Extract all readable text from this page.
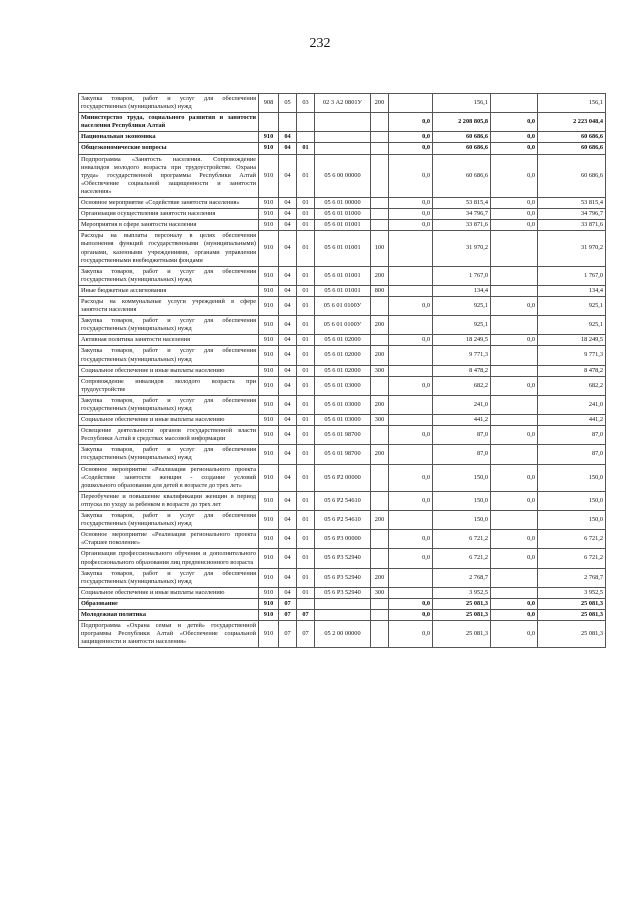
232
Закупка товаров, работ и услуг для обеспечения государственных (муниципальных) нужд	908	05	03	02 3 А2 0801У	200		156,1		156,1
Министерство труда, социального развития и занятости населения Республики Алтай						0,0	2 208 805,8	0,0	2 223 048,4
Национальная экономика	910	04				0,0	60 686,6	0,0	60 686,6
Общеэкономические вопросы	910	04	01			0,0	60 686,6	0,0	60 686,6
Подпрограмма «Занятость населения. Сопровождение инвалидов молодого возраста при трудоустройстве. Охрана труда» государственной программы Республики Алтай «Обеспечение социальной защищенности и занятости населения»	910	04	01	05 6 00 00000		0,0	60 686,6	0,0	60 686,6
Основное мероприятие «Содействие занятости населения»	910	04	01	05 6 01 00000		0,0	53 815,4	0,0	53 815,4
Организация осуществления занятости населения	910	04	01	05 6 01 01000		0,0	34 796,7	0,0	34 796,7
Мероприятия в сфере занятости населения	910	04	01	05 6 01 01001		0,0	33 871,6	0,0	33 871,6
Расходы на выплаты персоналу в целях обеспечения выполнения функций государственными (муниципальными) органами, казенными учреждениями, органами управления государственными внебюджетными фондами	910	04	01	05 6 01 01001	100		31 970,2		31 970,2
Закупка товаров, работ и услуг для обеспечения государственных (муниципальных) нужд	910	04	01	05 6 01 01001	200		1 767,0		1 767,0
Иные бюджетные ассигнования	910	04	01	05 6 01 01001	800		134,4		134,4
Расходы на коммунальные услуги учреждений в сфере занятости населения	910	04	01	05 6 01 0100У		0,0	925,1	0,0	925,1
Закупка товаров, работ и услуг для обеспечения государственных (муниципальных) нужд	910	04	01	05 6 01 0100У	200		925,1		925,1
Активная политика занятости населения	910	04	01	05 6 01 02000		0,0	18 249,5	0,0	18 249,5
Закупка товаров, работ и услуг для обеспечения государственных (муниципальных) нужд	910	04	01	05 6 01 02000	200		9 771,3		9 771,3
Социальное обеспечение и иные выплаты населению	910	04	01	05 6 01 02000	300		8 478,2		8 478,2
Сопровождение инвалидов молодого возраста при трудоустройстве	910	04	01	05 6 01 03000		0,0	682,2	0,0	682,2
Закупка товаров, работ и услуг для обеспечения государственных (муниципальных) нужд	910	04	01	05 6 01 03000	200		241,0		241,0
Социальное обеспечение и иные выплаты населению	910	04	01	05 6 01 03000	300		441,2		441,2
Освещение деятельности органов государственной власти Республики Алтай в средствах массовой информации	910	04	01	05 6 01 98700		0,0	87,0	0,0	87,0
Закупка товаров, работ и услуг для обеспечения государственных (муниципальных) нужд	910	04	01	05 6 01 98700	200		87,0		87,0
Основное мероприятие «Реализация регионального проекта «Содействие занятости женщин - создание условий дошкольного образования для детей в возрасте до трех лет»	910	04	01	05 6 P2 00000		0,0	150,0	0,0	150,0
Переобучение и повышение квалификации женщин в период отпуска по уходу за ребенком в возрасте до трех лет	910	04	01	05 6 P2 54610		0,0	150,0	0,0	150,0
Закупка товаров, работ и услуг для обеспечения государственных (муниципальных) нужд	910	04	01	05 6 P2 54610	200		150,0		150,0
Основное мероприятие «Реализация регионального проекта «Старшее поколение»	910	04	01	05 6 P3 00000		0,0	6 721,2	0,0	6 721,2
Организация профессионального обучения и дополнительного профессионального образования лиц предпенсионного возраста	910	04	01	05 6 P3 52940		0,0	6 721,2	0,0	6 721,2
Закупка товаров, работ и услуг для обеспечения государственных (муниципальных) нужд	910	04	01	05 6 P3 52940	200		2 768,7		2 768,7
Социальное обеспечение и иные выплаты населению	910	04	01	05 6 P3 52940	300		3 952,5		3 952,5
Образование	910	07				0,0	25 081,3	0,0	25 081,3
Молодежная политика	910	07	07			0,0	25 081,3	0,0	25 081,3
Подпрограмма «Охрана семьи и детей» государственной программы Республики Алтай «Обеспечение социальной защищенности и занятости населения»	910	07	07	05 2 00 00000		0,0	25 081,3	0,0	25 081,3
